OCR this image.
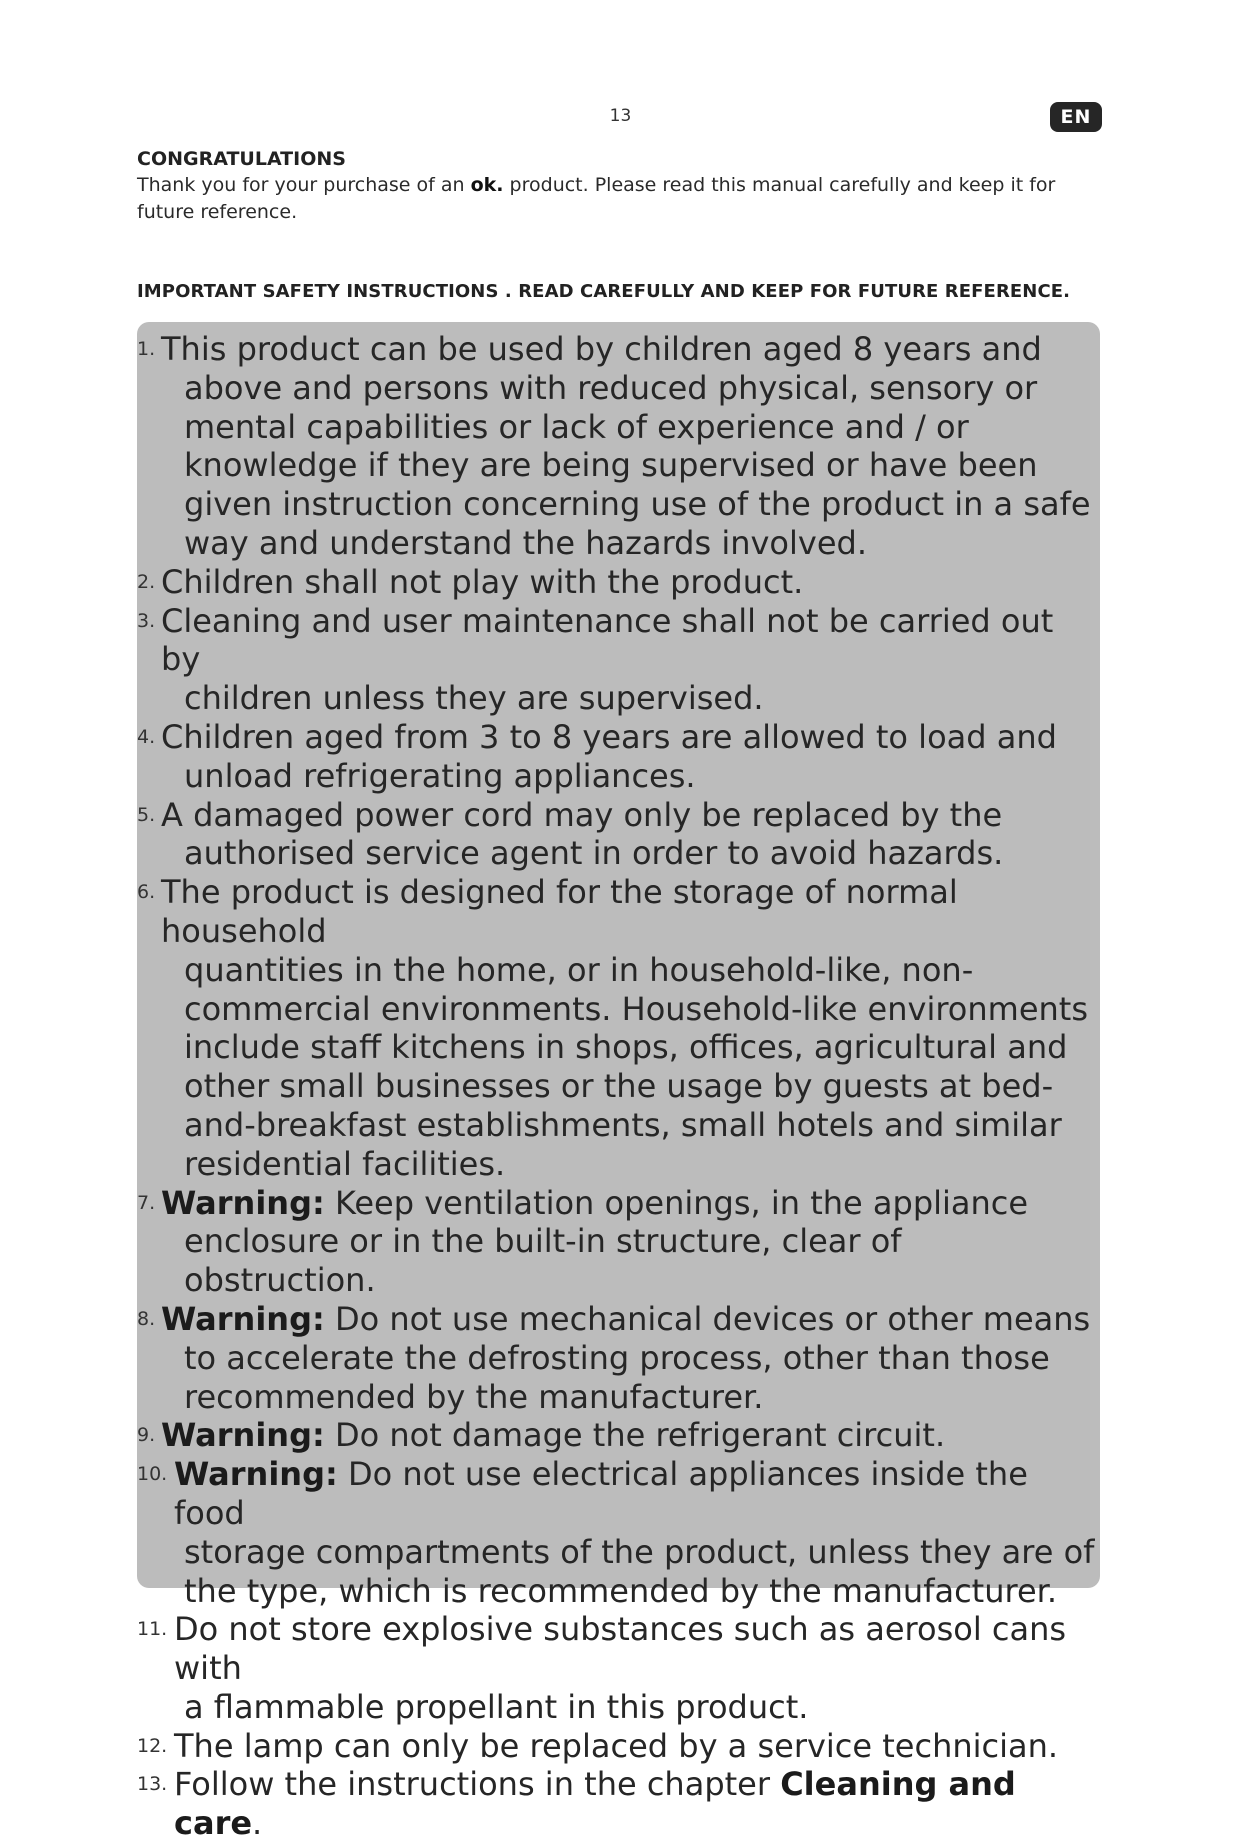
13	EN
CONGRATULATIONS
Thank you for your purchase of an ok. product. Please read this manual carefully and keep it for future reference.
IMPORTANT SAFETY INSTRUCTIONS . READ CAREFULLY AND KEEP FOR FUTURE REFERENCE.
1. This product can be used by children aged 8 years and
above and persons with reduced physical, sensory or mental capabilities or lack of experience and / or knowledge if they are being supervised or have been given instruction concerning use of the product in a safe way and understand the hazards involved.
2. Children shall not play with the product.
3. Cleaning and user maintenance shall not be carried out by
children unless they are supervised.
4. Children aged from 3 to 8 years are allowed to load and
unload refrigerating appliances.
5. A damaged power cord may only be replaced by the
authorised service agent in order to avoid hazards.
6. The product is designed for the storage of normal household
quantities in the home, or in household-like, non-commercial environments. Household-like environments include staff kitchens in shops, offices, agricultural and other small businesses or the usage by guests at bed-and-breakfast establishments, small hotels and similar residential facilities.
7. Warning: Keep ventilation openings, in the appliance
enclosure or in the built-in structure, clear of obstruction.
8. Warning: Do not use mechanical devices or other means
to accelerate the defrosting process, other than those recommended by the manufacturer.
9. Warning: Do not damage the refrigerant circuit.
10. Warning: Do not use electrical appliances inside the food
storage compartments of the product, unless they are of the type, which is recommended by the manufacturer.
11. Do not store explosive substances such as aerosol cans with
a flammable propellant in this product.
12. The lamp can only be replaced by a service technician.
13. Follow the instructions in the chapter Cleaning and care.
